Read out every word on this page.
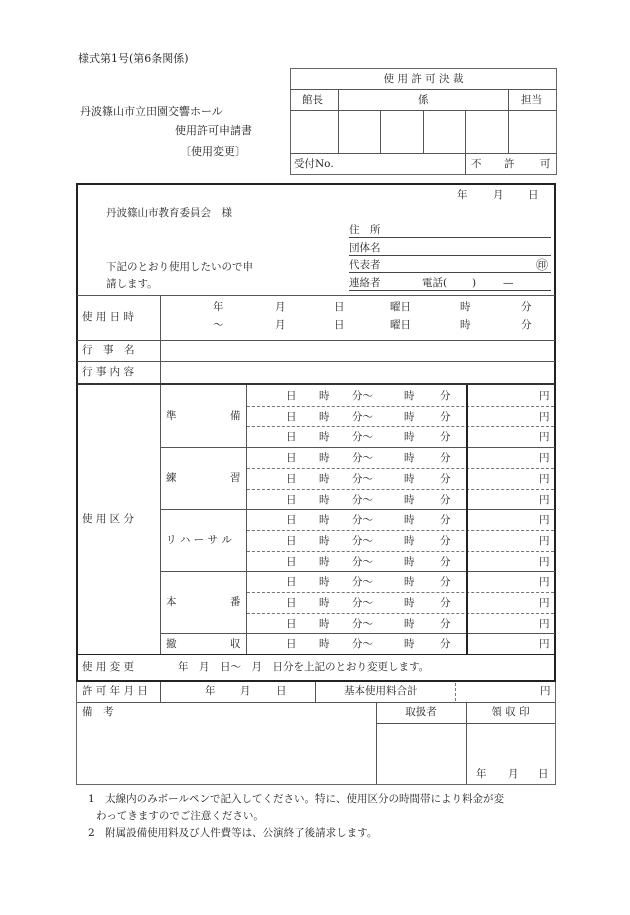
様式第1号(第6条関係)
丹波篠山市立田園交響ホール
使用許可申請書
〔使用変更〕
使 用 許 可 決 裁
館長	係	担当
受付No.	不 許 可
年 月 日
丹波篠山市教育委員会　様
下記のとおり使用したいので申
請します。
住　所
団体名
代表者	㊞
連絡者	電話( )	—
使 用 日 時
年	月	日	曜日	時	分
～	月	日	曜日	時	分
行　事　名
行 事 内 容
使 用 区 分
準	備
日 時 分～	時 分	円
日 時 分～	時 分	円
日 時 分～	時 分	円
練	習
日 時 分～	時 分	円
日 時 分～	時 分	円
日 時 分～	時 分	円
リ ハ ー サ ル
日 時 分～	時 分	円
日 時 分～	時 分	円
日 時 分～	時 分	円
本	番
日 時 分～	時 分	円
日 時 分～	時 分	円
日 時 分～	時 分	円
撤	収	日 時 分～	時 分	円
使 用 変 更	年　月　日～　月　日分を上記のとおり変更します。
許 可 年 月 日	年 月 日	基本使用料合計	円
備　考	取扱者	領 収 印
年 月 日
1　太線内のみボールペンで記入してください。特に、使用区分の時間帯により料金が変
わってきますのでご注意ください。
2　附属設備使用料及び人件費等は、公演終了後請求します。
